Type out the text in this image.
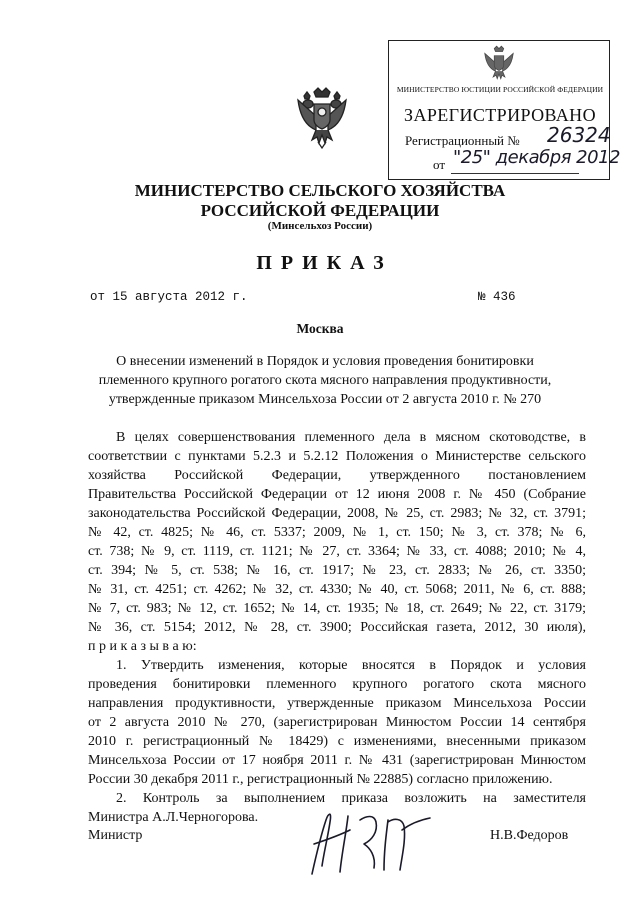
МИНИСТЕРСТВО ЮСТИЦИИ РОССИЙСКОЙ ФЕДЕРАЦИИ
ЗАРЕГИСТРИРОВАНО
Регистрационный № 26324
от "25" декабря 2012
МИНИСТЕРСТВО СЕЛЬСКОГО ХОЗЯЙСТВА
РОССИЙСКОЙ ФЕДЕРАЦИИ
(Минсельхоз России)
ПРИКАЗ
от 15 августа 2012 г.	№ 436
Москва
О внесении изменений в Порядок и условия проведения бонитировки
племенного крупного рогатого скота мясного направления продуктивности,
утвержденные приказом Минсельхоза России от 2 августа 2010 г. № 270
В целях совершенствования племенного дела в мясном скотоводстве, в
соответствии с пунктами 5.2.3 и 5.2.12 Положения о Министерстве сельского
хозяйства Российской Федерации, утвержденного постановлением
Правительства Российской Федерации от 12 июня 2008 г. № 450 (Собрание
законодательства Российской Федерации, 2008, № 25, ст. 2983; № 32, ст. 3791;
№ 42, ст. 4825; № 46, ст. 5337; 2009, № 1, ст. 150; № 3, ст. 378; № 6,
ст. 738; № 9, ст. 1119, ст. 1121; № 27, ст. 3364; № 33, ст. 4088; 2010; № 4,
ст. 394; № 5, ст. 538; № 16, ст. 1917; № 23, ст. 2833; № 26, ст. 3350;
№ 31, ст. 4251; ст. 4262; № 32, ст. 4330; № 40, ст. 5068; 2011, № 6, ст. 888;
№ 7, ст. 983; № 12, ст. 1652; № 14, ст. 1935; № 18, ст. 2649; № 22, ст. 3179;
№ 36, ст. 5154; 2012, № 28, ст. 3900; Российская газета, 2012, 30 июля),
п р и к а з ы в а ю:
1. Утвердить изменения, которые вносятся в Порядок и условия
проведения бонитировки племенного крупного рогатого скота мясного
направления продуктивности, утвержденные приказом Минсельхоза России
от 2 августа 2010 № 270, (зарегистрирован Минюстом России 14 сентября
2010 г. регистрационный № 18429) с изменениями, внесенными приказом
Минсельхоза России от 17 ноября 2011 г. № 431 (зарегистрирован Минюстом
России 30 декабря 2011 г., регистрационный № 22885) согласно приложению.
2. Контроль за выполнением приказа возложить на заместителя
Министра А.Л.Черногорова.
Министр	Н.В.Федоров
